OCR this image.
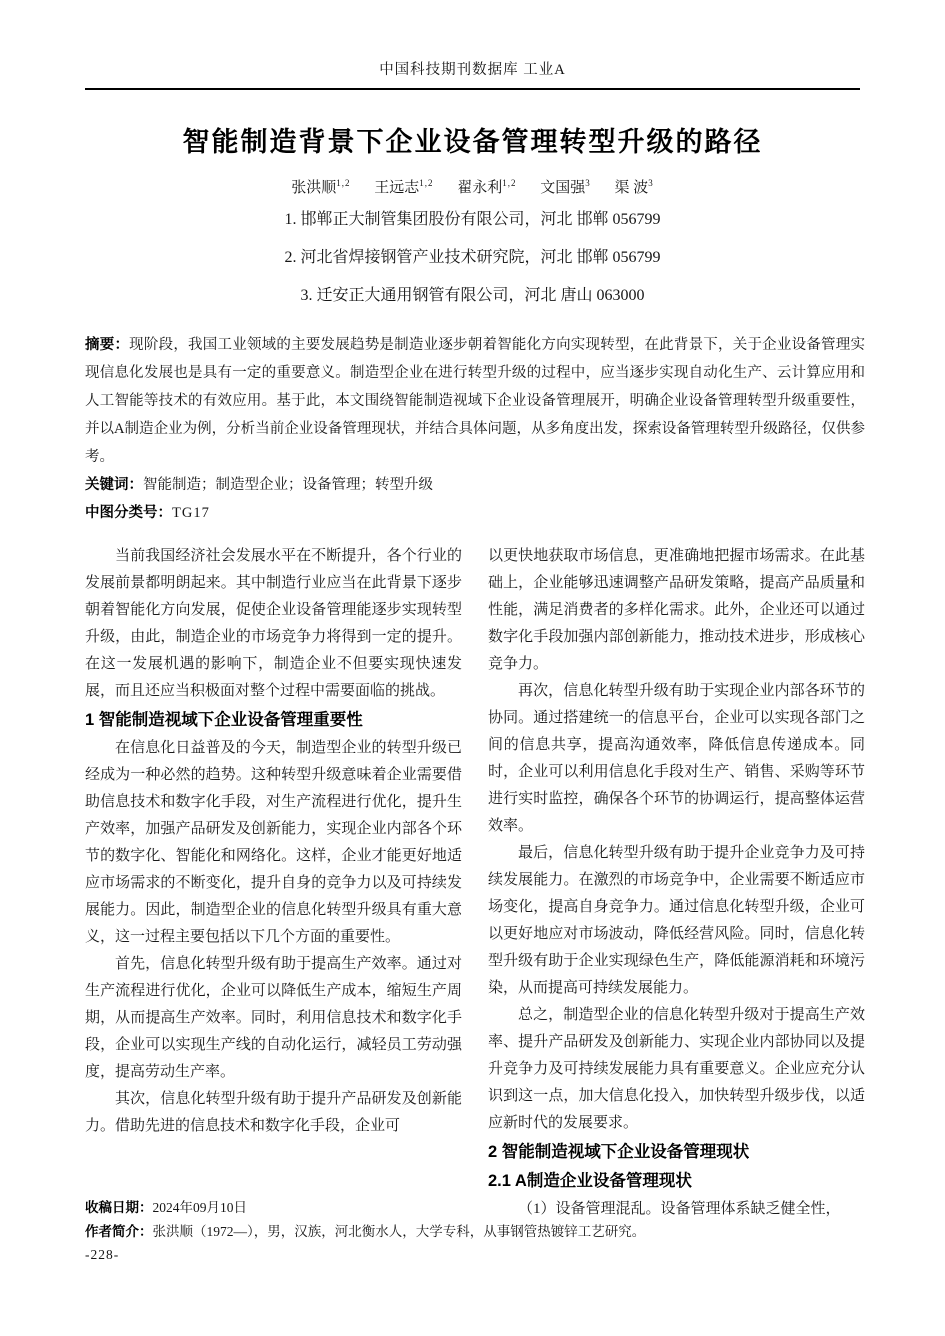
中国科技期刊数据库 工业A
智能制造背景下企业设备管理转型升级的路径
张洪顺$^{1,2}$ 王远志$^{1,2}$ 翟永利$^{1,2}$ 文国强$^3$ 渠 波$^3$
1. 邯郸正大制管集团股份有限公司，河北 邯郸 056799
2. 河北省焊接钢管产业技术研究院，河北 邯郸 056799
3. 迁安正大通用钢管有限公司，河北 唐山 063000

摘要：现阶段，我国工业领域的主要发展趋势是制造业逐步朝着智能化方向实现转型，在此背景下，关于企业设备管理实现信息化发展也是具有一定的重要意义。制造型企业在进行转型升级的过程中，应当逐步实现自动化生产、云计算应用和人工智能等技术的有效应用。基于此，本文围绕智能制造视域下企业设备管理展开，明确企业设备管理转型升级重要性，并以A制造企业为例，分析当前企业设备管理现状，并结合具体问题，从多角度出发，探索设备管理转型升级路径，仅供参考。

关键词：智能制造；制造型企业；设备管理；转型升级

中图分类号：TG17

当前我国经济社会发展水平在不断提升，各个行业的发展前景都明朗起来。其中制造行业应当在此背景下逐步朝着智能化方向发展，促使企业设备管理能逐步实现转型升级，由此，制造企业的市场竞争力将得到一定的提升。在这一发展机遇的影响下，制造企业不但要实现快速发展，而且还应当积极面对整个过程中需要面临的挑战。

1 智能制造视域下企业设备管理重要性

在信息化日益普及的今天，制造型企业的转型升级已经成为一种必然的趋势。这种转型升级意味着企业需要借助信息技术和数字化手段，对生产流程进行优化，提升生产效率，加强产品研发及创新能力，实现企业内部各个环节的数字化、智能化和网络化。这样，企业才能更好地适应市场需求的不断变化，提升自身的竞争力以及可持续发展能力。因此，制造型企业的信息化转型升级具有重大意义，这一过程主要包括以下几个方面的重要性。

首先，信息化转型升级有助于提高生产效率。通过对生产流程进行优化，企业可以降低生产成本，缩短生产周期，从而提高生产效率。同时，利用信息技术和数字化手段，企业可以实现生产线的自动化运行，减轻员工劳动强度，提高劳动生产率。

其次，信息化转型升级有助于提升产品研发及创新能力。借助先进的信息技术和数字化手段，企业可

以更快地获取市场信息，更准确地把握市场需求。在此基础上，企业能够迅速调整产品研发策略，提高产品质量和性能，满足消费者的多样化需求。此外，企业还可以通过数字化手段加强内部创新能力，推动技术进步，形成核心竞争力。

再次，信息化转型升级有助于实现企业内部各环节的协同。通过搭建统一的信息平台，企业可以实现各部门之间的信息共享，提高沟通效率，降低信息传递成本。同时，企业可以利用信息化手段对生产、销售、采购等环节进行实时监控，确保各个环节的协调运行，提高整体运营效率。

最后，信息化转型升级有助于提升企业竞争力及可持续发展能力。在激烈的市场竞争中，企业需要不断适应市场变化，提高自身竞争力。通过信息化转型升级，企业可以更好地应对市场波动，降低经营风险。同时，信息化转型升级有助于企业实现绿色生产，降低能源消耗和环境污染，从而提高可持续发展能力。

总之，制造型企业的信息化转型升级对于提高生产效率、提升产品研发及创新能力、实现企业内部协同以及提升竞争力及可持续发展能力具有重要意义。企业应充分认识到这一点，加大信息化投入，加快转型升级步伐，以适应新时代的发展要求。

2 智能制造视域下企业设备管理现状
2.1 A制造企业设备管理现状

（1）设备管理混乱。设备管理体系缺乏健全性，

收稿日期：2024年09月10日
作者简介：张洪顺（1972—），男，汉族，河北衡水人，大学专科，从事钢管热镀锌工艺研究。
-228-
